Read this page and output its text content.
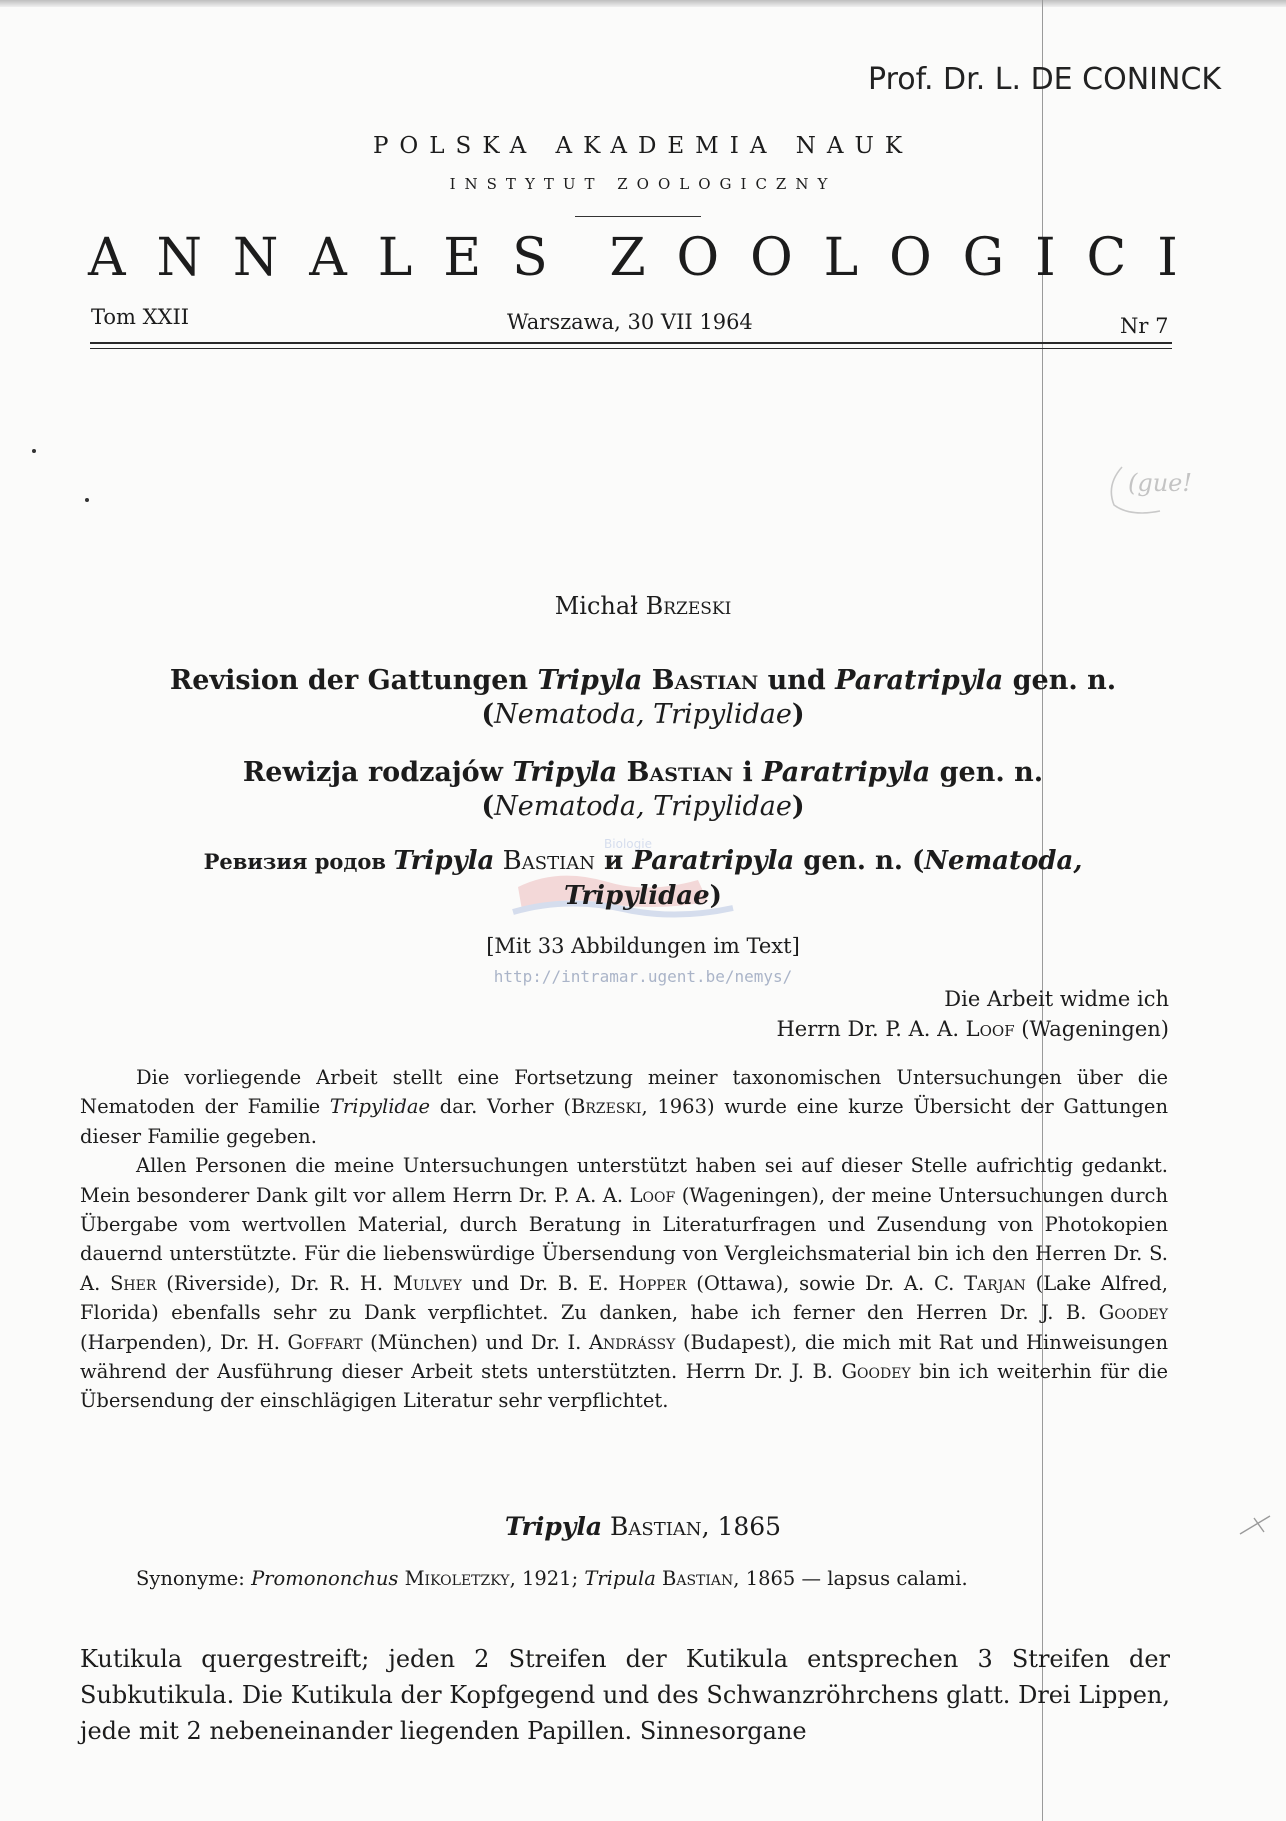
Prof. Dr. L. DE CONINCK
POLSKA AKADEMIA NAUK
INSTYTUT ZOOLOGICZNY
A N N A L E S Z O O L O G I C I
Tom XXII	Warszawa, 30 VII 1964	Nr 7
(gue!
Michał Brzeski
Revision der Gattungen Tripyla Bastian und Paratripyla gen. n.
(Nematoda, Tripylidae)
Rewizja rodzajów Tripyla Bastian i Paratripyla gen. n.
(Nematoda, Tripylidae)
Biologie
Ревизия родов Tripyla Bastian и Paratripyla gen. n. (Nematoda,
Tripylidae)
[Mit 33 Abbildungen im Text]
http://intramar.ugent.be/nemys/
Die Arbeit widme ich
Herrn Dr. P. A. A. Loof (Wageningen)

Die vorliegende Arbeit stellt eine Fortsetzung meiner taxonomischen Untersuchungen über die Nematoden der Familie Tripylidae dar. Vorher (Brzeski, 1963) wurde eine kurze Übersicht der Gattungen dieser Familie gegeben.

Allen Personen die meine Untersuchungen unterstützt haben sei auf dieser Stelle aufrichtig gedankt. Mein besonderer Dank gilt vor allem Herrn Dr. P. A. A. Loof (Wageningen), der meine Untersuchungen durch Übergabe vom wertvollen Material, durch Beratung in Literaturfragen und Zusendung von Photokopien dauernd unterstützte. Für die liebenswürdige Übersendung von Vergleichsmaterial bin ich den Herren Dr. S. A. Sher (Riverside), Dr. R. H. Mulvey und Dr. B. E. Hopper (Ottawa), sowie Dr. A. C. Tarjan (Lake Alfred, Florida) ebenfalls sehr zu Dank verpflichtet. Zu danken, habe ich ferner den Herren Dr. J. B. Goodey (Harpenden), Dr. H. Goffart (München) und Dr. I. Andrássy (Budapest), die mich mit Rat und Hinweisungen während der Ausführung dieser Arbeit stets unterstützten. Herrn Dr. J. B. Goodey bin ich weiterhin für die Übersendung der einschlägigen Literatur sehr verpflichtet.

Tripyla Bastian, 1865
Synonyme: Promononchus Mikoletzky, 1921; Tripula Bastian, 1865 — lapsus calami.
Kutikula quergestreift; jeden 2 Streifen der Kutikula entsprechen 3 Streifen der Subkutikula. Die Kutikula der Kopfgegend und des Schwanzröhrchens glatt. Drei Lippen, jede mit 2 nebeneinander liegenden Papillen. Sinnesorgane
